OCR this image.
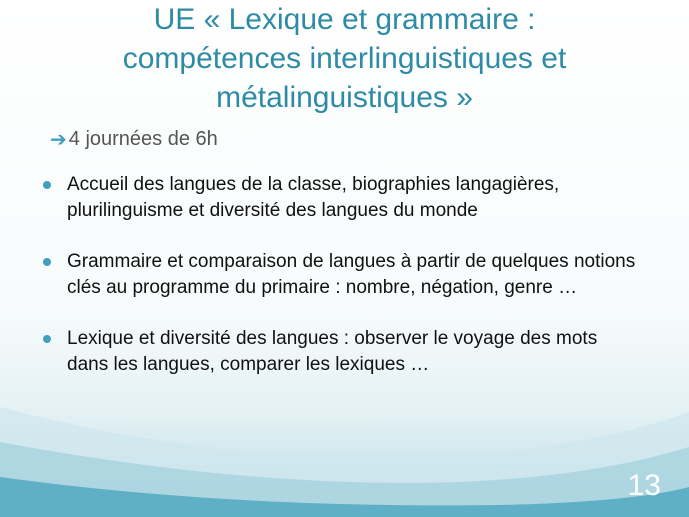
UE « Lexique et grammaire :
compétences interlinguistiques et
métalinguistiques »
➔ 4 journées de 6h
Accueil des langues de la classe, biographies langagières, plurilinguisme et diversité des langues du monde
Grammaire et comparaison de langues à partir de quelques notions clés au programme du primaire : nombre, négation, genre …
Lexique et diversité des langues : observer le voyage des mots dans les langues, comparer les lexiques …
13
